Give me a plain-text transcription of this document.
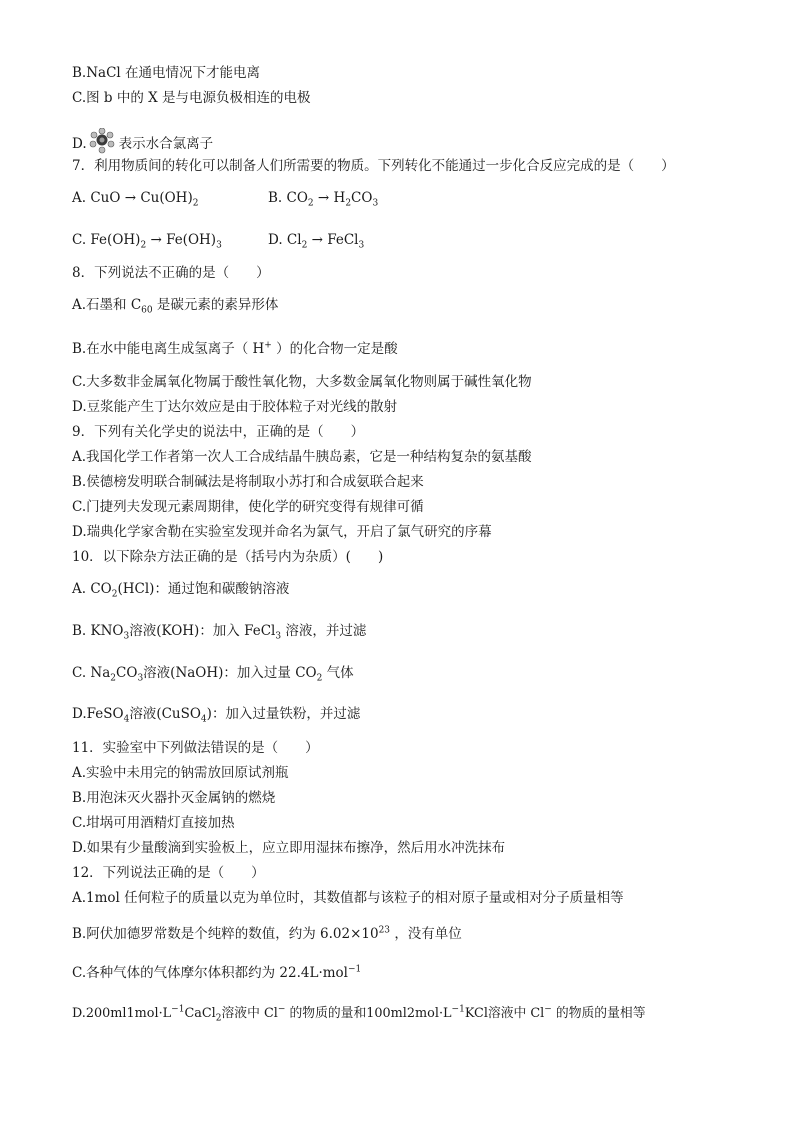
B.NaCl 在通电情况下才能电离
C.图 b 中的 X 是与电源负极相连的电极
D. 表示水合氯离子
7．利用物质间的转化可以制备人们所需要的物质。下列转化不能通过一步化合反应完成的是（　　）
A. CuO → $Cu(OH)_2$	B. $CO_2 \to H_2CO_3$
C. $Fe(OH)_2 \to Fe(OH)_3$	D. $Cl_2$ → FeCl$_3$
8．下列说法不正确的是（　　）
A.石墨和 $C_{60}$ 是碳元素的素异形体
B.在水中能电离生成氢离子（ H+ ）的化合物一定是酸
C.大多数非金属氧化物属于酸性氧化物，大多数金属氧化物则属于碱性氧化物
D.豆浆能产生丁达尔效应是由于胶体粒子对光线的散射
9．下列有关化学史的说法中，正确的是（　　）
A.我国化学工作者第一次人工合成结晶牛胰岛素，它是一种结构复杂的氨基酸
B.侯德榜发明联合制碱法是将制取小苏打和合成氨联合起来
C.门捷列夫发现元素周期律，使化学的研究变得有规律可循
D.瑞典化学家舍勒在实验室发现并命名为氯气，开启了氯气研究的序幕
10．以下除杂方法正确的是（括号内为杂质）(　　)
A. $CO_2(HCl)$：通过饱和碳酸钠溶液
B. $KNO_3$溶液(KOH)：加入 FeCl$_3$ 溶液，并过滤
C. $Na_2CO_3$溶液(NaOH)：加入过量 $CO_2$ 气体
D.FeSO$_4$溶液(CuSO$_4$)：加入过量铁粉，并过滤
11．实验室中下列做法错误的是（　　）
A.实验中未用完的钠需放回原试剂瓶
B.用泡沫灭火器扑灭金属钠的燃烧
C.坩埚可用酒精灯直接加热
D.如果有少量酸滴到实验板上，应立即用湿抹布擦净，然后用水冲洗抹布
12．下列说法正确的是（　　）
A.1mol 任何粒子的质量以克为单位时，其数值都与该粒子的相对原子量或相对分子质量相等
B.阿伏加德罗常数是个纯粹的数值，约为 $6.02\times 10^{23}$ ，没有单位
C.各种气体的气体摩尔体积都约为 22.4L·mol$^{-1}$
$D.200ml1mol\cdot L^{-1}CaCl_2$溶液中 Cl− 的物质的量和$100ml2mol\cdot L^{-1}KCl$溶液中 Cl− 的物质的量相等
